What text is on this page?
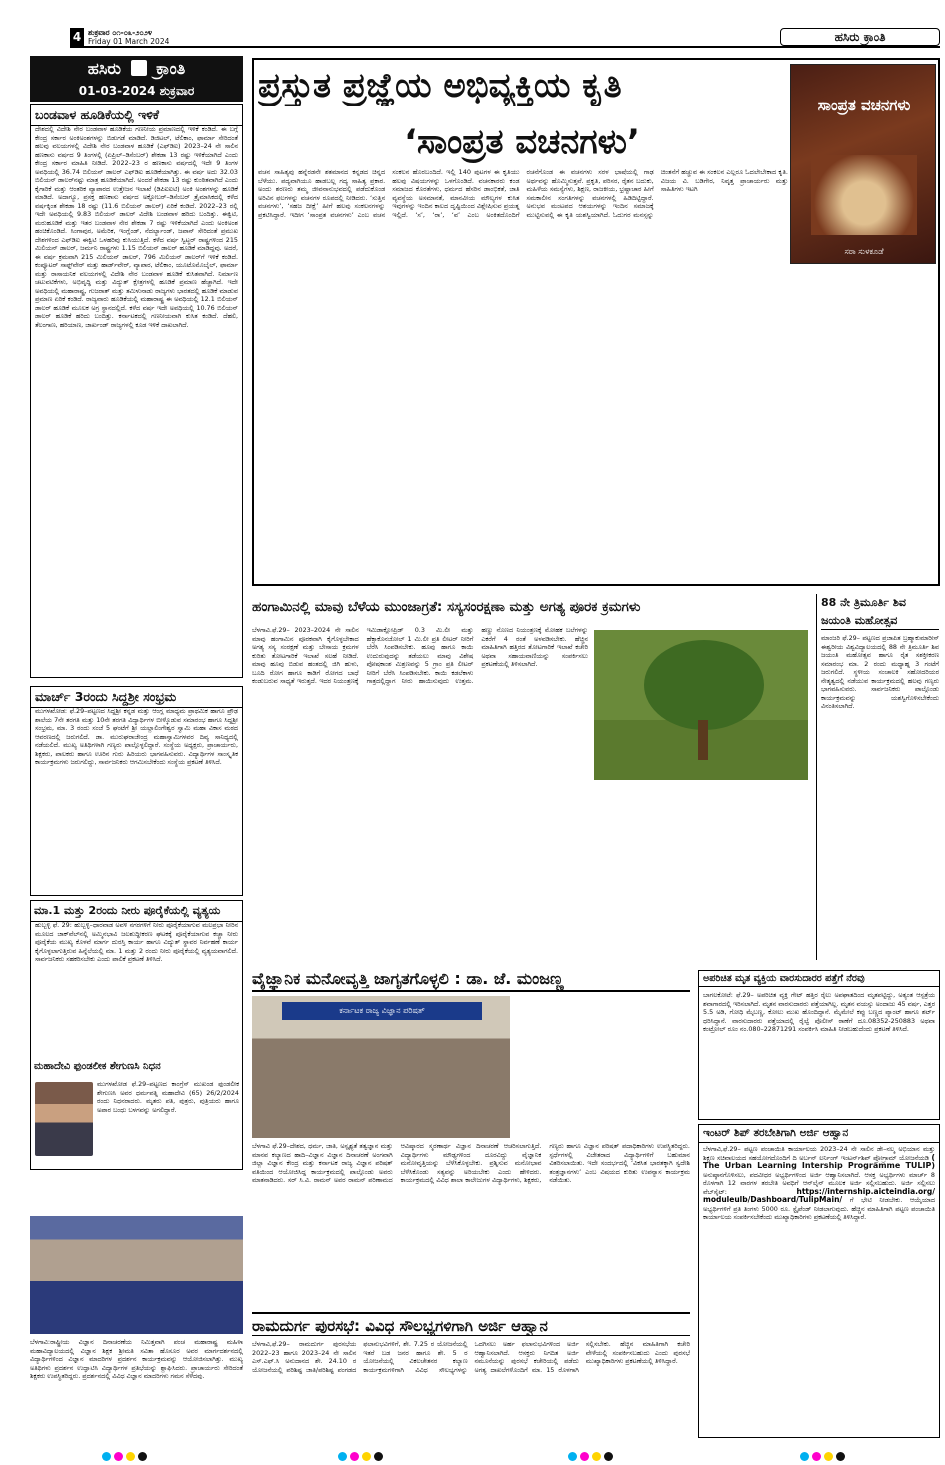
4 ಶುಕ್ರವಾರ ೦೧-೦೩-೨೦೨೪
Friday 01 March 2024	ಹಸಿರು ಕ್ರಾಂತಿ
ಹಸಿರು ಕ್ರಾಂತಿ
01-03-2024 ಶುಕ್ರವಾರ
ಬಂಡವಾಳ ಹೂಡಿಕೆಯಲ್ಲಿ ಇಳಿಕೆ
ದೇಶದಲ್ಲಿ ವಿದೇಶಿ ನೇರ ಬಂಡವಾಳ ಹೂಡಿಕೆಯ ಗಣನೀಯ ಪ್ರಮಾಣದಲ್ಲಿ ಇಳಿಕೆ ಕಂಡಿದೆ. ಈ ಬಗ್ಗೆ ಕೇಂದ್ರ ಸರ್ಕಾರ ಅಂಕಿಅಂಶಗಳನ್ನು ಬಿಡುಗಡೆ ಮಾಡಿದೆ. ಡಿಜಿಟಲ್, ಟೆಲಿಕಾಂ, ಫಾರ್ಮಾ ಸೇರಿದಂತೆ ಹಲವು ವಲಯಗಳಲ್ಲಿ ವಿದೇಶಿ ನೇರ ಬಂಡವಾಳ ಹೂಡಿಕೆ (ಎಫ್‌ಡಿಐ) 2023–24 ನೇ ಸಾಲಿನ ಹಣಕಾಸು ವರ್ಷದ 9 ತಿಂಗಳಲ್ಲಿ (ಏಪ್ರಿಲ್–ಡಿಸೆಂಬರ್) ಶೇಕಡಾ 13 ರಷ್ಟು ಇಳಿಕೆಯಾಗಿದೆ ಎಂದು ಕೇಂದ್ರ ಸರ್ಕಾರ ಮಾಹಿತಿ ನೀಡಿದೆ. 2022–23 ರ ಹಣಕಾಸು ವರ್ಷದಲ್ಲಿ ಇದೇ 9 ತಿಂಗಳ ಅವಧಿಯಲ್ಲಿ 36.74 ಬಿಲಿಯನ್ ಡಾಲರ್ ಎಫ್‌ಡಿಐ ಹೂಡಿಕೆಯಾಗಿತ್ತು. ಈ ವರ್ಷ ಅದು 32.03 ಬಿಲಿಯನ್ ಡಾಲರ್‌ನಷ್ಟು ಮಾತ್ರ ಹೂಡಿಕೆಯಾಗಿದೆ. ಅಂದರೆ ಶೇಕಡಾ 13 ರಷ್ಟು ಕುಂಠಿತವಾಗಿದೆ ಎಂದು ಕೈಗಾರಿಕೆ ಮತ್ತು ಆಂತರಿಕ ವ್ಯಾಪಾರದ ಉತ್ತೇಜನ ಇಲಾಖೆ (ಡಿಪಿಐಐಟಿ) ಅಂಕಿ ಅಂಶಗಳನ್ನು ಹೂಡಿಕೆ ಮಾಡಿದೆ. ಅದಾಗ್ಯೂ, ಪ್ರಸಕ್ತ ಹಣಕಾಸು ವರ್ಷದ ಅಕ್ಟೋಬರ್–ಡಿಸೆಂಬರ್ ತ್ರೈಮಾಸಿಕದಲ್ಲಿ ಕಳೆದ ವರ್ಷಕ್ಕಿಂತ ಶೇಕಡಾ 18 ರಷ್ಟು (11.6 ಬಿಲಿಯನ್ ಡಾಲರ್) ಏರಿಕೆ ಕಂಡಿದೆ. 2022–23 ರಲ್ಲಿ ಇದೇ ಅವಧಿಯಲ್ಲಿ 9.83 ಬಿಲಿಯನ್ ಡಾಲರ್ ವಿದೇಶಿ ಬಂಡವಾಳ ಹರಿದು ಬಂದಿತ್ತು. ಈಕ್ವಿಟಿ, ಮರುಹೂಡಿಕೆ ಮತ್ತು ಇತರ ಬಂಡವಾಳ ನೇರ ಶೇಕಡಾ 7 ರಷ್ಟು ಇಳಿಕೆಯಾಗಿದೆ ಎಂದು ಅಂಕಿಅಂಶ ಹಂಚಿಕೊಂಡಿದೆ. ಸಿಂಗಾಪುರ, ಅಮೆರಿಕ, ಇಂಗ್ಲೆಂಡ್, ನೆದರ್ಲ್ಯಾಂಡ್, ಜಪಾನ್ ಸೇರಿದಂತೆ ಪ್ರಮುಖ ದೇಶಗಳಿಂದ ಎಫ್‌ಡಿಐ ಈಕ್ವಿಟಿ ಒಳಹರಿವು ಕುಸಿಯುತ್ತಿದೆ. ಕಳೆದ ವರ್ಷ ಸ್ವಿಟ್ಜರ್ ರಾಷ್ಟ್ರಗಳಿಂದ 215 ಮಿಲಿಯನ್ ಡಾಲರ್, ಜರ್ಮನಿ ರಾಷ್ಟ್ರಗಳು 1.15 ಬಿಲಿಯನ್ ಡಾಲರ್ ಹೂಡಿಕೆ ಮಾಡಿದ್ದವು. ಅದರೆ, ಈ ವರ್ಷ ಕ್ರಮವಾಗಿ 215 ಮಿಲಿಯನ್ ಡಾಲರ್, 796 ಮಿಲಿಯನ್ ಡಾಲರ್‌ಗೆ ಇಳಿಕೆ ಕಂಡಿದೆ. ಕಂಪ್ಯೂಟರ್ ಸಾಫ್ಟ್‌ವೇರ್ ಮತ್ತು ಹಾರ್ಡ್‌ವೇರ್, ವ್ಯಾಪಾರ, ಟೆಲಿಕಾಂ, ಯೂಟೊಮೊಬೈಲ್, ಫಾರ್ಮಾ ಮತ್ತು ರಾಸಾಯನಿಕ ವಲಯಗಳಲ್ಲಿ ವಿದೇಶಿ ನೇರ ಬಂಡವಾಳ ಹೂಡಿಕೆ ಕುಸಿತವಾಗಿದೆ. ನಿರ್ಮಾಣ ಚಟುವಟಿಕೆಗಳು, ಅಭಿವೃದ್ಧಿ ಮತ್ತು ವಿದ್ಯುತ್ ಕ್ಷೇತ್ರಗಳಲ್ಲಿ ಹೂಡಿಕೆ ಪ್ರಮಾಣ ಹೆಚ್ಚಾಗಿದೆ. ಇದೇ ಅವಧಿಯಲ್ಲಿ ಮಹಾರಾಷ್ಟ್ರ, ಗುಜರಾತ್ ಮತ್ತು ತಮಿಳುನಾಡು ರಾಜ್ಯಗಳು ಭಾರತದಲ್ಲಿ ಹೂಡಿಕೆ ಮಾಡುವ ಪ್ರಮಾಣ ಏರಿಕೆ ಕಂಡಿದೆ. ರಾಜ್ಯವಾರು ಹೂಡಿಕೆಯಲ್ಲಿ ಮಹಾರಾಷ್ಟ್ರ ಈ ಅವಧಿಯಲ್ಲಿ 12.1 ಬಿಲಿಯನ್ ಡಾಲರ್ ಹೂಡಿಕೆ ಮೂಲಕ ಅಗ್ರ ಸ್ಥಾನದಲ್ಲಿದೆ. ಕಳೆದ ವರ್ಷ ಇದೇ ಅವಧಿಯಲ್ಲಿ 10.76 ಬಿಲಿಯನ್ ಡಾಲರ್ ಹೂಡಿಕೆ ಹರಿದು ಬಂದಿತ್ತು. ಕರ್ನಾಟಕದಲ್ಲಿ ಗಣನೀಯವಾಗಿ ಕುಸಿತ ಕಂಡಿದೆ. ದೆಹಲಿ, ತೆಲಂಗಾಣ, ಹರಿಯಾಣ, ಜಾರ್ಖಂಡ್ ರಾಜ್ಯಗಳಲ್ಲಿ ಕೂಡ ಇಳಿಕೆ ದಾಖಲಾಗಿದೆ.
ಮಾರ್ಚ್ 3ರಂದು ಸಿದ್ದಶ್ರೀ ಸಂಭ್ರಮ
ಮುಗಳಖೋಡ: ಫೆ.29–ಪಟ್ಟಣದ ಸಿದ್ದಶ್ರೀ ಕನ್ನಡ ಮತ್ತು ಆಂಗ್ಲ ಮಾಧ್ಯಮ ಪ್ರಾಥಮಿಕ ಹಾಗೂ ಪ್ರೌಢ ಶಾಲೆಯ 7ನೇ ತರಗತಿ ಮತ್ತು 10ನೇ ತರಗತಿ ವಿದ್ಯಾರ್ಥಿಗಳ ಬೀಳ್ಕೊಡುವ ಸಮಾರಂಭ ಹಾಗೂ ಸಿದ್ದಶ್ರೀ ಸಂಭ್ರಮ, ಮಾ. 3 ರಂದು ಸಂಜೆ 5 ಘಂಟೆಗೆ ಶ್ರೀ ಯಲ್ಲಾಲಿಂಗೇಶ್ವರ ಸ್ವಾಮಿ ಮಹಾ ವಿಕಾಸ ಮಠದ ಆವರಣದಲ್ಲಿ ಜರುಗಲಿದೆ. ಡಾ. ಮುರುಘರಾಜೇಂದ್ರ ಮಹಾಸ್ವಾಮಿಗಳವರ ದಿವ್ಯ ಸಾನಿಧ್ಯದಲ್ಲಿ ನಡೆಯಲಿದೆ. ಮುಖ್ಯ ಅತಿಥಿಗಳಾಗಿ ಗಣ್ಯರು ಪಾಲ್ಗೊಳ್ಳಲಿದ್ದಾರೆ. ಸಂಸ್ಥೆಯ ಅಧ್ಯಕ್ಷರು, ಪ್ರಾಚಾರ್ಯರು, ಶಿಕ್ಷಕರು, ಪಾಲಕರು ಹಾಗೂ ಊರಿನ ಗುರು ಹಿರಿಯರು ಭಾಗವಹಿಸುವರು. ವಿದ್ಯಾರ್ಥಿಗಳ ಸಾಂಸ್ಕೃತಿಕ ಕಾರ್ಯಕ್ರಮಗಳು ಜರುಗಲಿದ್ದು, ಸಾರ್ವಜನಿಕರು ಆಗಮಿಸಬೇಕೆಂದು ಸಂಸ್ಥೆಯ ಪ್ರಕಟಣೆ ತಿಳಿಸಿದೆ.
ಮಾ.1 ಮತ್ತು 2ರಂದು ನೀರು ಪೂರೈಕೆಯಲ್ಲಿ ವ್ಯತ್ಯಯ
ಹುಬ್ಬಳ್ಳಿ ಫೆ. 29: ಹುಬ್ಬಳ್ಳಿ–ಧಾರವಾಡ ಅವಳಿ ನಗರಗಳಿಗೆ ನೀರು ಪೂರೈಕೆಯಾಗುವ ಮಲಪ್ರಭಾ ನೀರಿನ ಮೂಲದ ಜಾಕ್‌ವೆಲ್‌ನಲ್ಲಿ ಅಮ್ಮಿನಭಾವಿ ಜಲಶುದ್ಧೀಕರಣ ಘಟಕಕ್ಕೆ ಪೂರೈಕೆಯಾಗುವ ಕಚ್ಚಾ ನೀರು ಪೂರೈಕೆಯ ಮುಖ್ಯ ಕೊಳವೆ ಮಾರ್ಗ ದುರಸ್ತಿ ಕಾರ್ಯ ಹಾಗೂ ವಿದ್ಯುತ್ ಸ್ಥಾವರ ನಿರ್ವಹಣೆ ಕಾರ್ಯ ಕೈಗೊಳ್ಳಲಾಗುತ್ತಿರುವ ಹಿನ್ನೆಲೆಯಲ್ಲಿ ಮಾ. 1 ಮತ್ತು 2 ರಂದು ನೀರು ಪೂರೈಕೆಯಲ್ಲಿ ವ್ಯತ್ಯಯವಾಗಲಿದೆ. ಸಾರ್ವಜನಿಕರು ಸಹಕರಿಸಬೇಕು ಎಂದು ಪಾಲಿಕೆ ಪ್ರಕಟಣೆ ತಿಳಿಸಿದೆ.
ಮಹಾದೇವಿ ಫುಂಡಲೀಕ ಶೇಗುಣಸಿ ನಿಧನ
ಮುಗಳಖೋಡ ಫೆ.29–ಪಟ್ಟಣದ ಕಾಂಗ್ರೆಸ್ ಮುಖಂಡ ಫುಂಡಲೀಕ ಶೇಗುಣಸಿ ಅವರ ಧರ್ಮಪತ್ನಿ ಮಹಾದೇವಿ (65) 26/2/2024 ರಂದು ನಿಧನರಾದರು. ಮೃತರು ಪತಿ, ಪುತ್ರರು, ಪುತ್ರಿಯರು ಹಾಗೂ ಅಪಾರ ಬಂಧು ಬಳಗವನ್ನು ಅಗಲಿದ್ದಾರೆ.
ಬೆಳಗಾವಿ:ರಾಷ್ಟ್ರೀಯ ವಿಜ್ಞಾನ ದಿನಾಚರಣೆಯ ನಿಮಿತ್ತವಾಗಿ ಪಂಚ ಮಹಾರಾಷ್ಟ್ರ ಮಹಿಳಾ ಮಹಾವಿದ್ಯಾಲಯದಲ್ಲಿ ವಿಜ್ಞಾನ ಶಿಕ್ಷಕ ಶ್ರೀಮತಿ ಸವಿತಾ ಹೊಸೂರ ಅವರ ಮಾರ್ಗದರ್ಶನದಲ್ಲಿ ವಿದ್ಯಾರ್ಥಿಗಳಿಂದ ವಿಜ್ಞಾನ ಮಾದರಿಗಳ ಪ್ರದರ್ಶನ ಕಾರ್ಯಕ್ರಮವನ್ನು ಆಯೋಜಿಸಲಾಗಿತ್ತು. ಮುಖ್ಯ ಅತಿಥಿಗಳು ಪ್ರದರ್ಶನ ಉದ್ಘಾಟಿಸಿ ವಿದ್ಯಾರ್ಥಿಗಳ ಪ್ರತಿಭೆಯನ್ನು ಶ್ಲಾಘಿಸಿದರು. ಪ್ರಾಚಾರ್ಯರು ಸೇರಿದಂತೆ ಶಿಕ್ಷಕರು ಉಪಸ್ಥಿತರಿದ್ದರು. ಪ್ರದರ್ಶನದಲ್ಲಿ ವಿವಿಧ ವಿಜ್ಞಾನ ಮಾದರಿಗಳು ಗಮನ ಸೆಳೆದವು.
ಪ್ರಸ್ತುತ ಪ್ರಜ್ಞೆಯ ಅಭಿವ್ಯಕ್ತಿಯ ಕೃತಿ
‘ಸಾಂಪ್ರತ ವಚನಗಳು’
ಸಾಂಪ್ರತ ವಚನಗಳು
ಸರಾ ಸುಳಕೂಡೆ
ವಚನ ಸಾಹಿತ್ಯವು ಹನ್ನೆರಡನೇ ಶತಮಾನದ ಕನ್ನಡದ ಚಿನ್ನದ ಬೆಳೆಯು. ಪದ್ಯವಾಗಿಯೂ ಹಾಡಬಲ್ಲ ಗದ್ಯ ಸಾಹಿತ್ಯ ಪ್ರಕಾರ. ಅಂದು ಶರಣರು ತಮ್ಮ ಜೀವನಾನುಭವದಲ್ಲಿ ಪಡೆದುಕೊಂಡ ಅರಿವಿನ ಫಲಗಳನ್ನು ವಚನಗಳ ರೂಪದಲ್ಲಿ ನೀಡಿದರು. ‘ಸುತ್ತಿನ ವಚನಗಳು’, ‘ಸಹಜ ದೀಕ್ಷೆ’ ಹೀಗೆ ಹಲವು ಸಂಕಲನಗಳನ್ನು ಪ್ರಕಟಿಸಿದ್ದಾರೆ. ಇದೀಗ ‘ಸಾಂಪ್ರತ ವಚನಗಳು’ ಎಂಬ ವಚನ ಸಂಕಲನ ಹೊರಬಂದಿದೆ. ಇಲ್ಲಿ 140 ಪುಟಗಳ ಈ ಕೃತಿಯು ಹಲವು ವಿಷಯಗಳನ್ನು ಒಳಗೊಂಡಿದೆ. ವಚನಕಾರರು ಕಂಡ ಸಮಾಜದ ಕೊರತೆಗಳು, ಧರ್ಮದ ಹೆಸರಿನ ಡಾಂಭಿಕತೆ, ಜಾತಿ ವ್ಯವಸ್ಥೆಯ ಅಸಮಾನತೆ, ಮಾನವೀಯ ಮೌಲ್ಯಗಳ ಕುಸಿತ ಇವುಗಳನ್ನು ಇಂದಿನ ಕಾಲದ ದೃಷ್ಟಿಯಿಂದ ವಿಶ್ಲೇಷಿಸುವ ಪ್ರಯತ್ನ ಇಲ್ಲಿದೆ. ‘ಸ’, ‘ರಾ’, ‘ವ’ ಎಂಬ ಅಂಕಿತದೊಂದಿಗೆ ರಚನೆಗೊಂಡ ಈ ವಚನಗಳು ಸರಳ ಭಾಷೆಯಲ್ಲಿ ಗಾಢ ಅರ್ಥವನ್ನು ಹೊಮ್ಮಿಸುತ್ತವೆ. ಪ್ರಕೃತಿ, ಪರಿಸರ, ರೈತನ ಬದುಕು, ಮಹಿಳೆಯ ಸಮಸ್ಯೆಗಳು, ಶಿಕ್ಷಣ, ರಾಜಕೀಯ, ಭ್ರಷ್ಟಾಚಾರ ಹೀಗೆ ಸಮಕಾಲೀನ ಸಂಗತಿಗಳನ್ನು ವಚನಗಳಲ್ಲಿ ಹಿಡಿದಿಟ್ಟಿದ್ದಾರೆ. ಅನುಭವ ಮಂಟಪದ ಆಶಯಗಳನ್ನು ಇಂದಿನ ಸಮಾಜಕ್ಕೆ ಮುಟ್ಟಿಸುವಲ್ಲಿ ಈ ಕೃತಿ ಯಶಸ್ವಿಯಾಗಿದೆ. ಓದುಗರ ಮನಸ್ಸನ್ನು ಚಿಂತನೆಗೆ ಹಚ್ಚುವ ಈ ಸಂಕಲನ ಎಲ್ಲರೂ ಓದಲೇಬೇಕಾದ ಕೃತಿ. ವಿಜಯ ವಿ. ಬಡಿಗೇರ, ನಿವೃತ್ತ ಪ್ರಾಚಾರ್ಯರು ಮತ್ತು ಸಾಹಿತಿಗಳು ಇಟಗಿ
ಹಂಗಾಮಿನಲ್ಲಿ ಮಾವು ಬೆಳೆಯ ಮುಂಜಾಗ್ರತೆ: ಸಸ್ಯಸಂರಕ್ಷಣಾ ಮತ್ತು ಅಗತ್ಯ ಪೂರಕ ಕ್ರಮಗಳು
ಬೆಳಗಾವಿ.ಫೆ.29– 2023–2024 ನೇ ಸಾಲಿನ ಮಾವು ಹಂಗಾಮಿನ ಪೂರಕವಾಗಿ ಕೈಗೊಳ್ಳಬೇಕಾದ ಅಗತ್ಯ ಸಸ್ಯ ಸಂರಕ್ಷಣೆ ಮತ್ತು ಬೇಸಾಯ ಕ್ರಮಗಳ ಕುರಿತು ತೋಟಗಾರಿಕೆ ಇಲಾಖೆ ಸಲಹೆ ನೀಡಿದೆ. ಮಾವು ಹೂವು ಬಿಡುವ ಹಂತದಲ್ಲಿ ಜಿಗಿ ಹುಳು, ಬೂದಿ ರೋಗ ಹಾಗೂ ಕಾಡಿಗೆ ರೋಗದ ಬಾಧೆ ಕಂಡುಬರುವ ಸಾಧ್ಯತೆ ಇರುತ್ತದೆ. ಇದರ ನಿಯಂತ್ರಣಕ್ಕೆ ಇಮಿಡಾಕ್ಲೋಪ್ರಿಡ್ 0.3 ಮಿ.ಲೀ ಮತ್ತು ಹೆಕ್ಸಾಕೊನಜೋಲ್ 1 ಮಿ.ಲೀ ಪ್ರತಿ ಲೀಟರ್ ನೀರಿಗೆ ಬೆರೆಸಿ ಸಿಂಪಡಿಸಬೇಕು. ಹೂವು ಹಾಗೂ ಕಾಯಿ ಉದುರುವುದನ್ನು ತಡೆಯಲು ಮಾವು ವಿಶೇಷ ಪೋಷಕಾಂಶ ಮಿಶ್ರಣವನ್ನು 5 ಗ್ರಾಂ ಪ್ರತಿ ಲೀಟರ್ ನೀರಿಗೆ ಬೆರೆಸಿ ಸಿಂಪಡಿಸಬೇಕು. ಕಾಯಿ ಕಡಲೆಕಾಳು ಗಾತ್ರದಲ್ಲಿದ್ದಾಗ ನೀರು ಹಾಯಿಸುವುದು ಉತ್ತಮ. ಹಣ್ಣು ನೊಣದ ನಿಯಂತ್ರಣಕ್ಕೆ ಮೋಹಕ ಬಲೆಗಳನ್ನು ಎಕರೆಗೆ 4 ರಂತೆ ಅಳವಡಿಸಬೇಕು. ಹೆಚ್ಚಿನ ಮಾಹಿತಿಗಾಗಿ ಹತ್ತಿರದ ತೋಟಗಾರಿಕೆ ಇಲಾಖೆ ಕಚೇರಿ ಅಥವಾ ಸಹಾಯವಾಣಿಯನ್ನು ಸಂಪರ್ಕಿಸಲು ಪ್ರಕಟಣೆಯಲ್ಲಿ ತಿಳಿಸಲಾಗಿದೆ.
88 ನೇ ತ್ರಿಮೂರ್ತಿ ಶಿವ ಜಯಂತಿ ಮಹೋತ್ಸವ
ಮಾಂಜರಿ ಫೆ.29– ಪಟ್ಟಣದ ಪ್ರಜಾಪಿತ ಬ್ರಹ್ಮಾಕುಮಾರೀಸ್ ಈಶ್ವರೀಯ ವಿಶ್ವವಿದ್ಯಾಲಯದಲ್ಲಿ 88 ನೇ ತ್ರಿಮೂರ್ತಿ ಶಿವ ಜಯಂತಿ ಮಹೋತ್ಸವ ಹಾಗೂ ರೈತ ಸಶಕ್ತೀಕರಣ ಸಮಾರಂಭ ಮಾ. 2 ರಂದು ಮಧ್ಯಾಹ್ನ 3 ಗಂಟೆಗೆ ಜರುಗಲಿದೆ. ಸ್ಥಳೀಯ ಸಂಚಾಲಕಿ ಸಹೋದರಿಯರ ನೇತೃತ್ವದಲ್ಲಿ ನಡೆಯುವ ಕಾರ್ಯಕ್ರಮದಲ್ಲಿ ಹಲವು ಗಣ್ಯರು ಭಾಗವಹಿಸುವರು. ಸಾರ್ವಜನಿಕರು ಪಾಲ್ಗೊಂಡು ಕಾರ್ಯಕ್ರಮವನ್ನು ಯಶಸ್ವಿಗೊಳಿಸಬೇಕೆಂದು ವಿನಂತಿಸಲಾಗಿದೆ.
ವೈಜ್ಞಾನಿಕ ಮನೋವೃತ್ತಿ ಜಾಗೃತಗೊಳ್ಳಲಿ : ಡಾ. ಜೆ. ಮಂಜಣ್ಣ
ಕರ್ನಾಟಕ ರಾಜ್ಯ ವಿಜ್ಞಾನ ಪರಿಷತ್
ಬೆಳಗಾವಿ ಫೆ.29–ದೇಶದ, ಧರ್ಮ, ಜಾತಿ, ಅಸ್ಪೃಶ್ಯತೆ ತತ್ವಜ್ಞಾನ ಮತ್ತು ಮಾನವ ಕಲ್ಯಾಣದ ಹಾದಿ–ವಿಜ್ಞಾನ ವಿಜ್ಞಾನ ದಿನಾಚರಣೆ ಅಂಗವಾಗಿ ಜಿಲ್ಲಾ ವಿಜ್ಞಾನ ಕೇಂದ್ರ ಮತ್ತು ಕರ್ನಾಟಕ ರಾಜ್ಯ ವಿಜ್ಞಾನ ಪರಿಷತ್ ವತಿಯಿಂದ ಆಯೋಜಿಸಿದ್ದ ಕಾರ್ಯಕ್ರಮದಲ್ಲಿ ಪಾಲ್ಗೊಂಡು ಅವರು ಮಾತನಾಡಿದರು. ಸರ್ ಸಿ.ವಿ. ರಾಮನ್ ಅವರ ರಾಮನ್ ಪರಿಣಾಮದ ಆವಿಷ್ಕಾರದ ಸ್ಮರಣಾರ್ಥ ವಿಜ್ಞಾನ ದಿನಾಚರಣೆ ಆಚರಿಸಲಾಗುತ್ತಿದೆ. ವಿದ್ಯಾರ್ಥಿಗಳು ಮೌಢ್ಯಗಳಿಂದ ದೂರವಿದ್ದು ವೈಜ್ಞಾನಿಕ ಮನೋವೃತ್ತಿಯನ್ನು ಬೆಳೆಸಿಕೊಳ್ಳಬೇಕು. ಪ್ರಶ್ನಿಸುವ ಮನೋಭಾವ ಬೆಳೆಸಿಕೊಂಡು ಸತ್ಯವನ್ನು ಅರಿಯಬೇಕು ಎಂದು ಹೇಳಿದರು. ಕಾರ್ಯಕ್ರಮದಲ್ಲಿ ವಿವಿಧ ಶಾಲಾ ಕಾಲೇಜುಗಳ ವಿದ್ಯಾರ್ಥಿಗಳು, ಶಿಕ್ಷಕರು, ಗಣ್ಯರು ಹಾಗೂ ವಿಜ್ಞಾನ ಪರಿಷತ್ ಪದಾಧಿಕಾರಿಗಳು ಉಪಸ್ಥಿತರಿದ್ದರು. ಸ್ಪರ್ಧೆಗಳಲ್ಲಿ ವಿಜೇತರಾದ ವಿದ್ಯಾರ್ಥಿಗಳಿಗೆ ಬಹುಮಾನ ವಿತರಿಸಲಾಯಿತು. ಇದೇ ಸಂದರ್ಭದಲ್ಲಿ ‘ವಿಕಸಿತ ಭಾರತಕ್ಕಾಗಿ ಸ್ವದೇಶಿ ತಂತ್ರಜ್ಞಾನಗಳು’ ಎಂಬ ವಿಷಯದ ಕುರಿತು ಉಪನ್ಯಾಸ ಕಾರ್ಯಕ್ರಮ ನಡೆಯಿತು.
ರಾಮದುರ್ಗ ಪುರಸಭೆ: ವಿವಿಧ ಸೌಲಭ್ಯಗಳಿಗಾಗಿ ಅರ್ಜಿ ಆಹ್ವಾನ
ಬೆಳಗಾವಿ,ಫೆ.29– ರಾಮದುರ್ಗ ಪುರಸಭೆಯ 2022–23 ಹಾಗೂ 2023–24 ನೇ ಸಾಲಿನ ಎಸ್.ಎಫ್.ಸಿ ಅನುದಾನದ ಶೇ. 24.10 ರ ಯೋಜನೆಯಲ್ಲಿ ಪರಿಶಿಷ್ಟ ಜಾತಿ/ಪರಿಶಿಷ್ಟ ಪಂಗಡದ ಫಲಾನುಭವಿಗಳಿಗೆ, ಶೇ. 7.25 ರ ಯೋಜನೆಯಲ್ಲಿ ಇತರೆ ಬಡ ಜನರ ಹಾಗೂ ಶೇ. 5 ರ ಯೋಜನೆಯಲ್ಲಿ ವಿಕಲಚೇತನರ ಕಲ್ಯಾಣ ಕಾರ್ಯಕ್ರಮಗಳಿಗಾಗಿ ವಿವಿಧ ಸೌಲಭ್ಯಗಳನ್ನು ಒದಗಿಸಲು ಅರ್ಹ ಫಲಾನುಭವಿಗಳಿಂದ ಅರ್ಜಿ ಆಹ್ವಾನಿಸಲಾಗಿದೆ. ಆಸಕ್ತರು ನಿಗದಿತ ಅರ್ಜಿ ನಮೂನೆಯನ್ನು ಪುರಸಭೆ ಕಚೇರಿಯಲ್ಲಿ ಪಡೆದು ಅಗತ್ಯ ದಾಖಲೆಗಳೊಂದಿಗೆ ಮಾ. 15 ರೊಳಗಾಗಿ ಸಲ್ಲಿಸಬೇಕು. ಹೆಚ್ಚಿನ ಮಾಹಿತಿಗಾಗಿ ಕಚೇರಿ ವೇಳೆಯಲ್ಲಿ ಸಂಪರ್ಕಿಸಬಹುದು ಎಂದು ಪುರಸಭೆ ಮುಖ್ಯಾಧಿಕಾರಿಗಳು ಪ್ರಕಟಣೆಯಲ್ಲಿ ತಿಳಿಸಿದ್ದಾರೆ.
ಅಪರಿಚಿತ ಮೃತ ವ್ಯಕ್ತಿಯ ವಾರಸುದಾರರ ಪತ್ತೆಗೆ ನೆರವು
ಬಾಗಲಕೋಟೆ: ಫೆ.29– ಅಪರಿಚಿತ ವ್ಯಕ್ತಿ ಗೇಟ್ ಹತ್ತಿರ ರೈಲು ಅಪಘಾತದಿಂದ ಮೃತಪಟ್ಟಿದ್ದು, ಅತ್ಯಂತ ಆಸ್ಪತ್ರೆಯ ಶವಾಗಾರದಲ್ಲಿ ಇರಿಸಲಾಗಿದೆ. ಮೃತನ ವಾರಸುದಾರರು ಪತ್ತೆಯಾಗಿಲ್ಲ. ಮೃತನ ವಯಸ್ಸು ಅಂದಾಜು 45 ವರ್ಷ, ಎತ್ತರ 5.5 ಅಡಿ, ಗೋಧಿ ಮೈಬಣ್ಣ, ಕೋಲು ಮುಖ ಹೊಂದಿದ್ದಾನೆ. ಮೈಮೇಲೆ ಕಪ್ಪು ಬಣ್ಣದ ಪ್ಯಾಂಟ್ ಹಾಗೂ ಶರ್ಟ್ ಧರಿಸಿದ್ದಾನೆ. ವಾರಸುದಾರರು ಪತ್ತೆಯಾದಲ್ಲಿ ರೈಲ್ವೆ ಪೊಲೀಸ್ ಠಾಣೆಗೆ ದೂ.08352-250883 ಅಥವಾ ಕಂಟ್ರೋಲ್ ರೂಂ ನಂ.080–22871291 ಸಂಪರ್ಕಿಸಿ ಮಾಹಿತಿ ನೀಡಬಹುದೆಂದು ಪ್ರಕಟಣೆ ತಿಳಿಸಿದೆ.
ಇಂಟರ್ ಶಿಪ್ ತರಬೇತಿಗಾಗಿ ಅರ್ಜಿ ಆಹ್ವಾನ
ಬೆಳಗಾವಿ,ಫೆ.29– ಪಟ್ಟಣ ಪಂಚಾಯಿತಿ ಕಾರ್ಯಾಲಯ 2023–24 ನೇ ಸಾಲಿನ ಡೇ–ನಲ್ಮ ಅಭಿಯಾನ ಮತ್ತು ಶಿಕ್ಷಣ ಸಚಿವಾಲಯದ ಸಹಯೋಗದೊಂದಿಗೆ ದಿ ಅರ್ಬನ್ ಲರ್ನಿಂಗ್ ಇಂಟರ್ನ್‌ಶಿಪ್ ಪ್ರೋಗ್ರಾಮ್ ಯೋಜನೆಯಡಿ ( The Urban Learning Intership Programme TULIP) ಅನುಷ್ಠಾನಗೊಳಿಸಲು, ಪದವೀಧರ ಅಭ್ಯರ್ಥಿಗಳಿಂದ ಅರ್ಜಿ ಆಹ್ವಾನಿಸಲಾಗಿದೆ. ಆಸಕ್ತ ಅಭ್ಯರ್ಥಿಗಳು ಮಾರ್ಚ್ 8 ರೊಳಗಾಗಿ 12 ವಾರಗಳ ತರಬೇತಿ ಅವಧಿಗೆ ಆನ್‌ಲೈನ್ ಮೂಲಕ ಅರ್ಜಿ ಸಲ್ಲಿಸಬಹುದು. ಅರ್ಜಿ ಸಲ್ಲಿಸಲು ವೆಬ್‌ಸೈಟ್:	https://internship.aicteindia.org/ moduleulb/Dashboard/TulipMain/ ಗೆ ಭೇಟಿ ನೀಡಬೇಕು. ಆಯ್ಕೆಯಾದ ಅಭ್ಯರ್ಥಿಗಳಿಗೆ ಪ್ರತಿ ತಿಂಗಳು 5000 ರೂ. ಸ್ಟೈಪೆಂಡ್ ನೀಡಲಾಗುವುದು. ಹೆಚ್ಚಿನ ಮಾಹಿತಿಗಾಗಿ ಪಟ್ಟಣ ಪಂಚಾಯಿತಿ ಕಾರ್ಯಾಲಯ ಸಂಪರ್ಕಿಸಬೇಕೆಂದು ಮುಖ್ಯಾಧಿಕಾರಿಗಳು ಪ್ರಕಟಣೆಯಲ್ಲಿ ತಿಳಿಸಿದ್ದಾರೆ.
